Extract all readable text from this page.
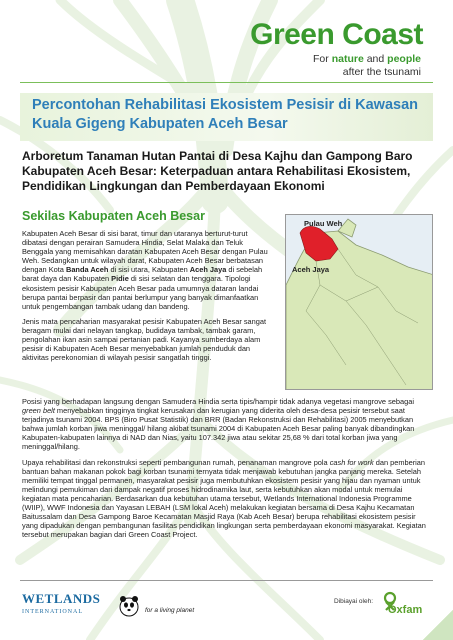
Green Coast
For nature and people
after the tsunami
Percontohan Rehabilitasi Ekosistem Pesisir di Kawasan Kuala Gigeng Kabupaten Aceh Besar
Arboretum Tanaman Hutan Pantai di Desa Kajhu dan Gampong Baro Kabupaten Aceh Besar: Keterpaduan antara Rehabilitasi Ekosistem, Pendidikan Lingkungan dan Pemberdayaan Ekonomi
Sekilas Kabupaten Aceh Besar

Kabupaten Aceh Besar di sisi barat, timur dan utaranya berturut-turut dibatasi dengan perairan Samudera Hindia, Selat Malaka dan Teluk Benggala yang memisahkan daratan Kabupaten Aceh Besar dengan Pulau Weh. Sedangkan untuk wilayah darat, Kabupaten Aceh Besar berbatasan dengan Kota Banda Aceh di sisi utara, Kabupaten Aceh Jaya di sebelah barat daya dan Kabupaten Pidie di sisi selatan dan tenggara. Tipologi ekosistem pesisir Kabupaten Aceh Besar pada umumnya dataran landai berupa pantai berpasir dan pantai berlumpur yang banyak dimanfaatkan untuk pengembangan tambak udang dan bandeng.

Jenis mata pencaharian masyarakat pesisir Kabupaten Aceh Besar sangat beragam mulai dari nelayan tangkap, budidaya tambak, tambak garam, pengolahan ikan asin sampai pertanian padi. Kayanya sumberdaya alam pesisir di Kabupaten Aceh Besar menyebabkan jumlah penduduk dan aktivitas perekonomian di wilayah pesisir sangatlah tinggi.

Pulau Weh
Aceh Jaya

Posisi yang berhadapan langsung dengan Samudera Hindia serta tipis/hampir tidak adanya vegetasi mangrove sebagai green belt menyebabkan tingginya tingkat kerusakan dan kerugian yang diderita oleh desa-desa pesisir tersebut saat terjadinya tsunami 2004. BPS (Biro Pusat Statistik) dan BRR (Badan Rekonstruksi dan Rehabilitasi) 2005 menyebutkan bahwa jumlah korban jiwa meninggal/ hilang akibat tsunami 2004 di Kabupaten Aceh Besar paling banyak dibandingkan Kabupaten-kabupaten lainnya di NAD dan Nias, yaitu 107.342 jiwa atau sekitar 25,68 % dari total korban jiwa yang meninggal/hilang.

Upaya rehabilitasi dan rekonstruksi seperti pembangunan rumah, penanaman mangrove pola cash for work dan pemberian bantuan bahan makanan pokok bagi korban tsunami ternyata tidak menjawab kebutuhan jangka panjang mereka. Setelah memiliki tempat tinggal permanen, masyarakat pesisir juga membutuhkan ekosistem pesisir yang hijau dan nyaman untuk melindungi pemukiman dari dampak negatif proses hidrodinamika laut, serta kebutuhkan akan modal untuk memulai kegiatan mata pencaharian. Berdasarkan dua kebutuhan utama tersebut, Wetlands International Indonesia Programme (WIIP), WWF Indonesia dan Yayasan LEBAH (LSM lokal Aceh) melakukan kegiatan bersama di Desa Kajhu Kecamatan Baitussalam dan Desa Gampong Baroe Kecamatan Masjid Raya (Kab Aceh Besar) berupa rehabilitasi ekosistem pesisir yang dipadukan dengan pembangunan fasilitas pendidikan lingkungan serta pemberdayaan ekonomi masyarakat. Kegiatan tersebut merupakan bagian dari Green Coast Project.

WETLANDS
INTERNATIONAL	for a living planet
Dibiayai oleh:
Oxfam
